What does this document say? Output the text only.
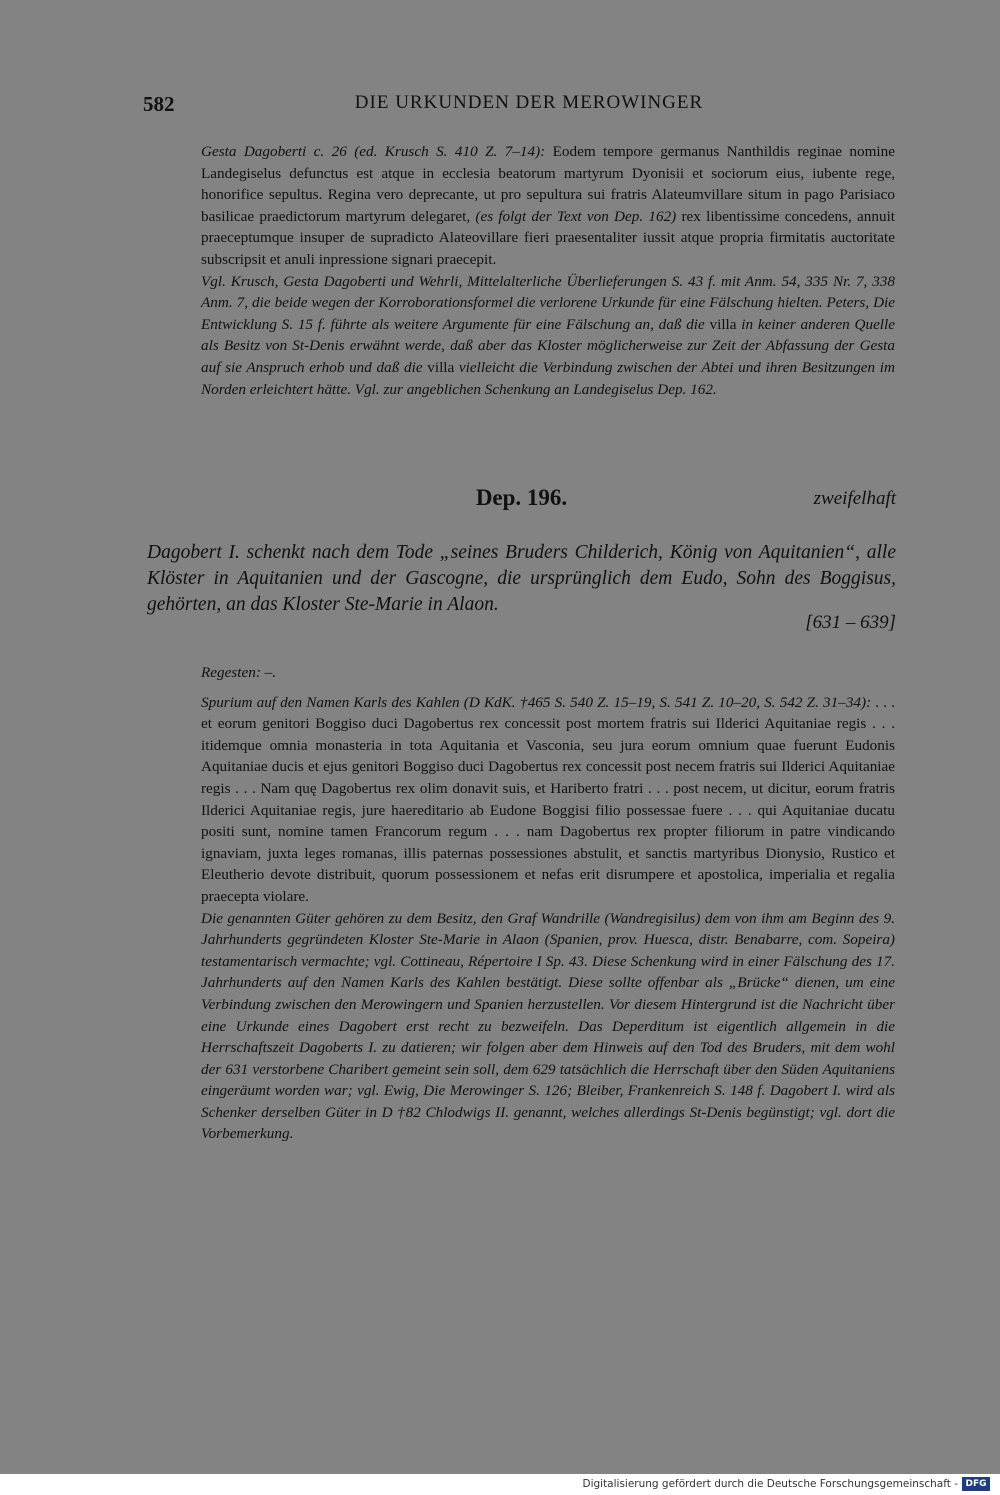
582	DIE URKUNDEN DER MEROWINGER

Gesta Dagoberti c. 26 (ed. Krusch S. 410 Z. 7–14): Eodem tempore germanus Nanthildis reginae nomine Landegiselus defunctus est atque in ecclesia beatorum martyrum Dyonisii et sociorum eius, iubente rege, honorifice sepultus. Regina vero deprecante, ut pro sepultura sui fratris Alateumvillare situm in pago Parisiaco basilicae praedictorum martyrum delegaret, (es folgt der Text von Dep. 162) rex libentissime concedens, annuit praeceptumque insuper de supradicto Alateovillare fieri praesentaliter iussit atque propria firmitatis auctoritate subscripsit et anuli inpressione signari praecepit.

Vgl. Krusch, Gesta Dagoberti und Wehrli, Mittelalterliche Überlieferungen S. 43 f. mit Anm. 54, 335 Nr. 7, 338 Anm. 7, die beide wegen der Korroborationsformel die verlorene Urkunde für eine Fälschung hielten. Peters, Die Entwicklung S. 15 f. führte als weitere Argumente für eine Fälschung an, daß die villa in keiner anderen Quelle als Besitz von St-Denis erwähnt werde, daß aber das Kloster möglicherweise zur Zeit der Abfassung der Gesta auf sie Anspruch erhob und daß die villa vielleicht die Verbindung zwischen der Abtei und ihren Besitzungen im Norden erleichtert hätte. Vgl. zur angeblichen Schenkung an Landegiselus Dep. 162.

Dep. 196.	zweifelhaft
Dagobert I. schenkt nach dem Tode „seines Bruders Childerich, König von Aquitanien“, alle Klöster in Aquitanien und der Gascogne, die ursprünglich dem Eudo, Sohn des Boggisus, gehörten, an das Kloster Ste-Marie in Alaon.
[631 – 639]

Regesten: –.

Spurium auf den Namen Karls des Kahlen (D KdK. †465 S. 540 Z. 15–19, S. 541 Z. 10–20, S. 542 Z. 31–34): . . . et eorum genitori Boggiso duci Dagobertus rex concessit post mortem fratris sui Ilderici Aquitaniae regis . . . itidemque omnia monasteria in tota Aquitania et Vasconia, seu jura eorum omnium quae fuerunt Eudonis Aquitaniae ducis et ejus genitori Boggiso duci Dagobertus rex concessit post necem fratris sui Ilderici Aquitaniae regis . . . Nam quę Dagobertus rex olim donavit suis, et Hariberto fratri . . . post necem, ut dicitur, eorum fratris Ilderici Aquitaniae regis, jure haereditario ab Eudone Boggisi filio possessae fuere . . . qui Aquitaniae ducatu positi sunt, nomine tamen Francorum regum . . . nam Dagobertus rex propter filiorum in patre vindicando ignaviam, juxta leges romanas, illis paternas possessiones abstulit, et sanctis martyribus Dionysio, Rustico et Eleutherio devote distribuit, quorum possessionem et nefas erit disrumpere et apostolica, imperialia et regalia praecepta violare.

Die genannten Güter gehören zu dem Besitz, den Graf Wandrille (Wandregisilus) dem von ihm am Beginn des 9. Jahrhunderts gegründeten Kloster Ste-Marie in Alaon (Spanien, prov. Huesca, distr. Benabarre, com. Sopeira) testamentarisch vermachte; vgl. Cottineau, Répertoire I Sp. 43. Diese Schenkung wird in einer Fälschung des 17. Jahrhunderts auf den Namen Karls des Kahlen bestätigt. Diese sollte offenbar als „Brücke“ dienen, um eine Verbindung zwischen den Merowingern und Spanien herzustellen. Vor diesem Hintergrund ist die Nachricht über eine Urkunde eines Dagobert erst recht zu bezweifeln. Das Deperditum ist eigentlich allgemein in die Herrschaftszeit Dagoberts I. zu datieren; wir folgen aber dem Hinweis auf den Tod des Bruders, mit dem wohl der 631 verstorbene Charibert gemeint sein soll, dem 629 tatsächlich die Herrschaft über den Süden Aquitaniens eingeräumt worden war; vgl. Ewig, Die Merowinger S. 126; Bleiber, Frankenreich S. 148 f. Dagobert I. wird als Schenker derselben Güter in D †82 Chlodwigs II. genannt, welches allerdings St-Denis begünstigt; vgl. dort die Vorbemerkung.

Digitalisierung gefördert durch die Deutsche Forschungsgemeinschaft - DFG
